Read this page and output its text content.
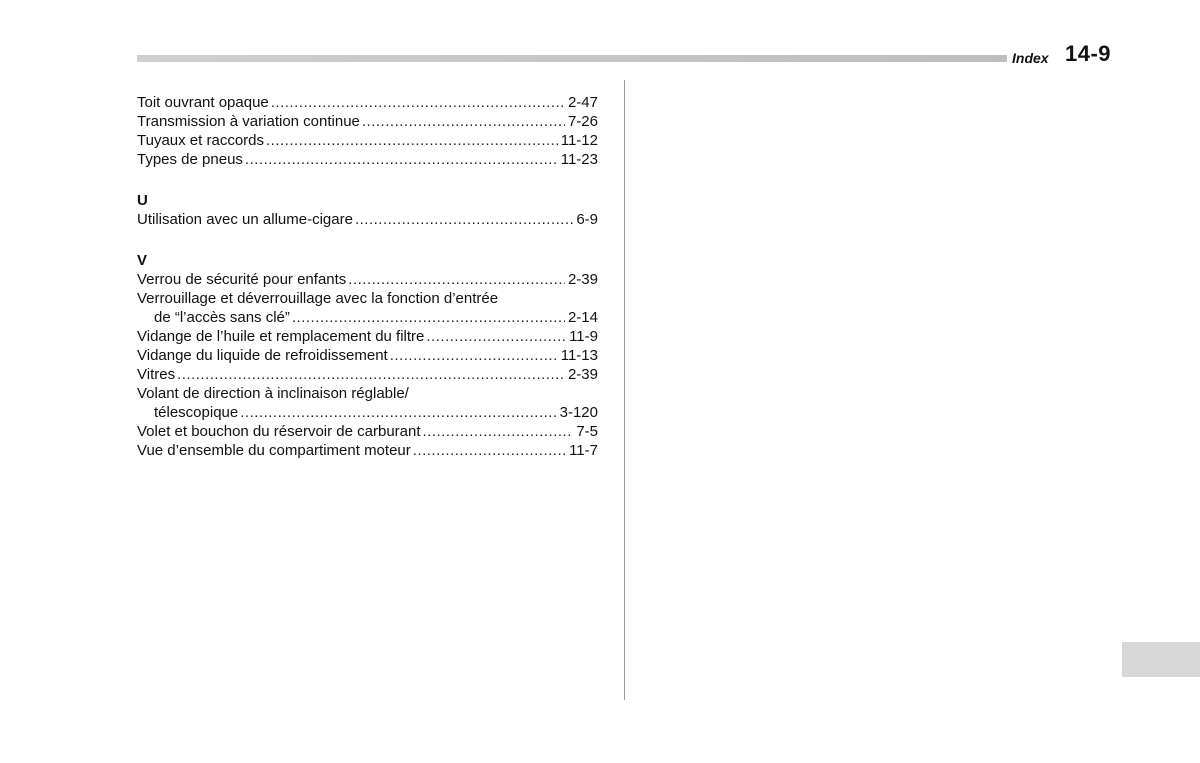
Index 14-9
Toit ouvrant opaque .....	2-47
Transmission à variation continue .....	7-26
Tuyaux et raccords .....	11-12
Types de pneus .....	11-23
U
Utilisation avec un allume-cigare .....	6-9
V
Verrou de sécurité pour enfants .....	2-39
Verrouillage et déverrouillage avec la fonction d’entrée
de “l’accès sans clé” .....	2-14
Vidange de l’huile et remplacement du filtre .....	11-9
Vidange du liquide de refroidissement .....	11-13
Vitres .....	2-39
Volant de direction à inclinaison réglable/
télescopique .....	3-120
Volet et bouchon du réservoir de carburant .....	7-5
Vue d’ensemble du compartiment moteur .....	11-7
